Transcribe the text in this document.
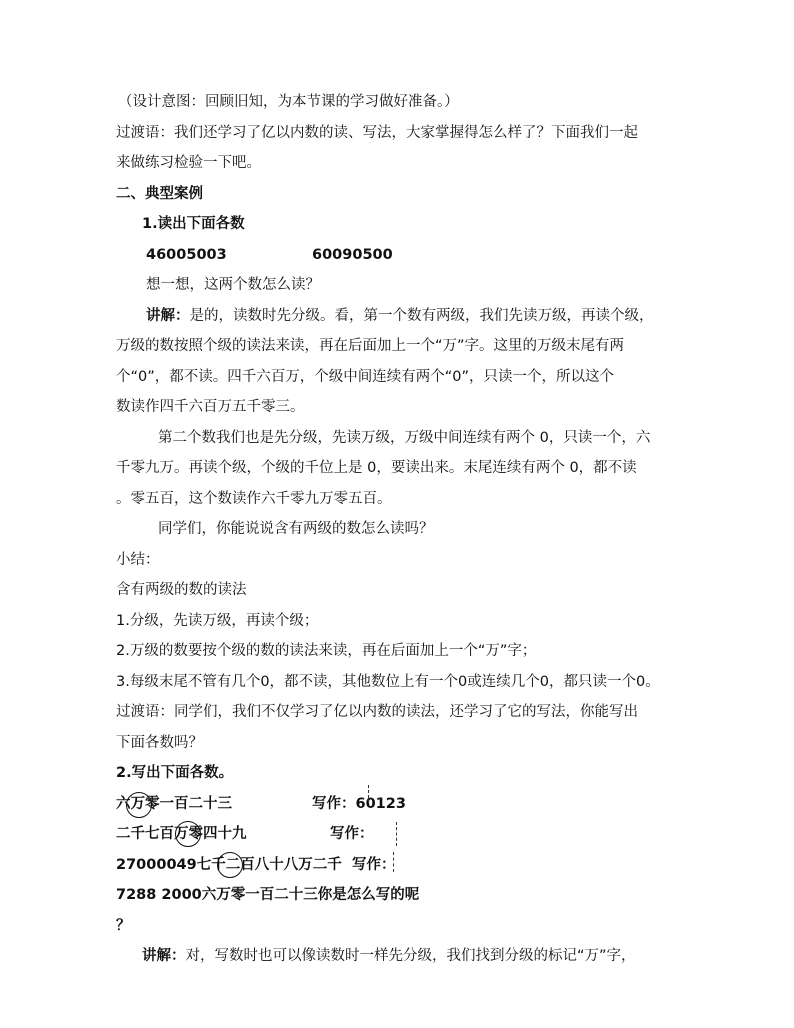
（设计意图：回顾旧知，为本节课的学习做好准备。）
过渡语：我们还学习了亿以内数的读、写法，大家掌握得怎么样了？下面我们一起
来做练习检验一下吧。
二、典型案例
1.读出下面各数
46005003	60090500
想一想，这两个数怎么读？
讲解：是的，读数时先分级。看，第一个数有两级，我们先读万级，再读个级，
万级的数按照个级的读法来读，再在后面加上一个“万”字。这里的万级末尾有两
个“0”，都不读。四千六百万，个级中间连续有两个“0”，只读一个，所以这个
数读作四千六百万五千零三。
第二个数我们也是先分级，先读万级，万级中间连续有两个 0，只读一个，六
千零九万。再读个级，个级的千位上是 0，要读出来。末尾连续有两个 0，都不读
。零五百，这个数读作六千零九万零五百。
同学们，你能说说含有两级的数怎么读吗？
小结：
含有两级的数的读法
1.分级，先读万级，再读个级；
2.万级的数要按个级的数的读法来读，再在后面加上一个“万”字；
3.每级末尾不管有几个0，都不读，其他数位上有一个0或连续几个0，都只读一个0。
过渡语：同学们，我们不仅学习了亿以内数的读法，还学习了它的写法，你能写出
下面各数吗？
2.写出下面各数。
六万零一百二十三	写作：60123
二千七百万零四十九	写作：
27000049七千二百八十八万二千 写作：
7288 2000六万零一百二十三你是怎么写的呢
？
讲解：对，写数时也可以像读数时一样先分级，我们找到分级的标记“万”字，
